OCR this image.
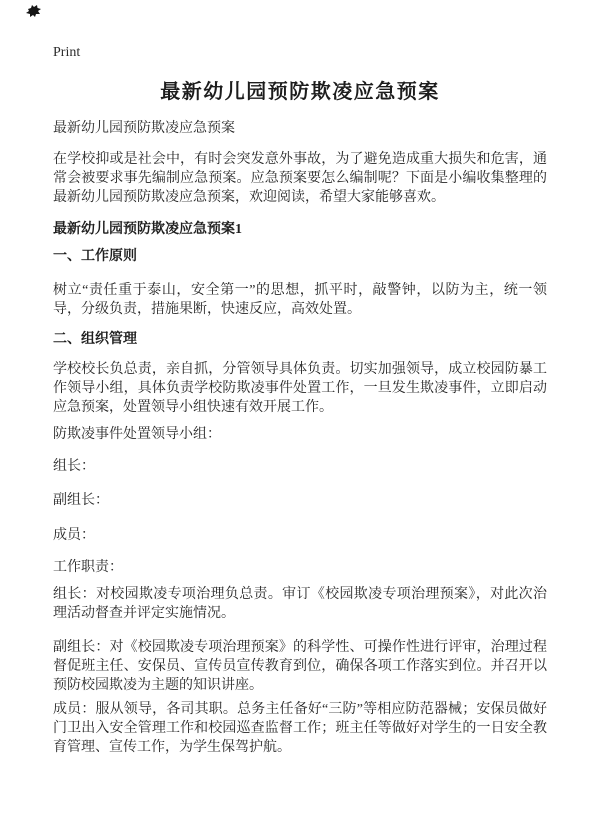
Print
最新幼儿园预防欺凌应急预案

最新幼儿园预防欺凌应急预案

在学校抑或是社会中，有时会突发意外事故，为了避免造成重大损失和危害，通常会被要求事先编制应急预案。应急预案要怎么编制呢？下面是小编收集整理的最新幼儿园预防欺凌应急预案，欢迎阅读，希望大家能够喜欢。

最新幼儿园预防欺凌应急预案1
一、工作原则

树立“责任重于泰山，安全第一”的思想，抓平时，敲警钟，以防为主，统一领导，分级负责，措施果断，快速反应，高效处置。

二、组织管理

学校校长负总责，亲自抓，分管领导具体负责。切实加强领导，成立校园防暴工作领导小组，具体负责学校防欺凌事件处置工作，一旦发生欺凌事件，立即启动应急预案，处置领导小组快速有效开展工作。

防欺凌事件处置领导小组：

组长：

副组长：

成员：

工作职责：

组长：对校园欺凌专项治理负总责。审订《校园欺凌专项治理预案》，对此次治理活动督查并评定实施情况。

副组长：对《校园欺凌专项治理预案》的科学性、可操作性进行评审，治理过程督促班主任、安保员、宣传员宣传教育到位，确保各项工作落实到位。并召开以预防校园欺凌为主题的知识讲座。

成员：服从领导，各司其职。总务主任备好“三防”等相应防范器械；安保员做好门卫出入安全管理工作和校园巡查监督工作；班主任等做好对学生的一日安全教育管理、宣传工作，为学生保驾护航。
